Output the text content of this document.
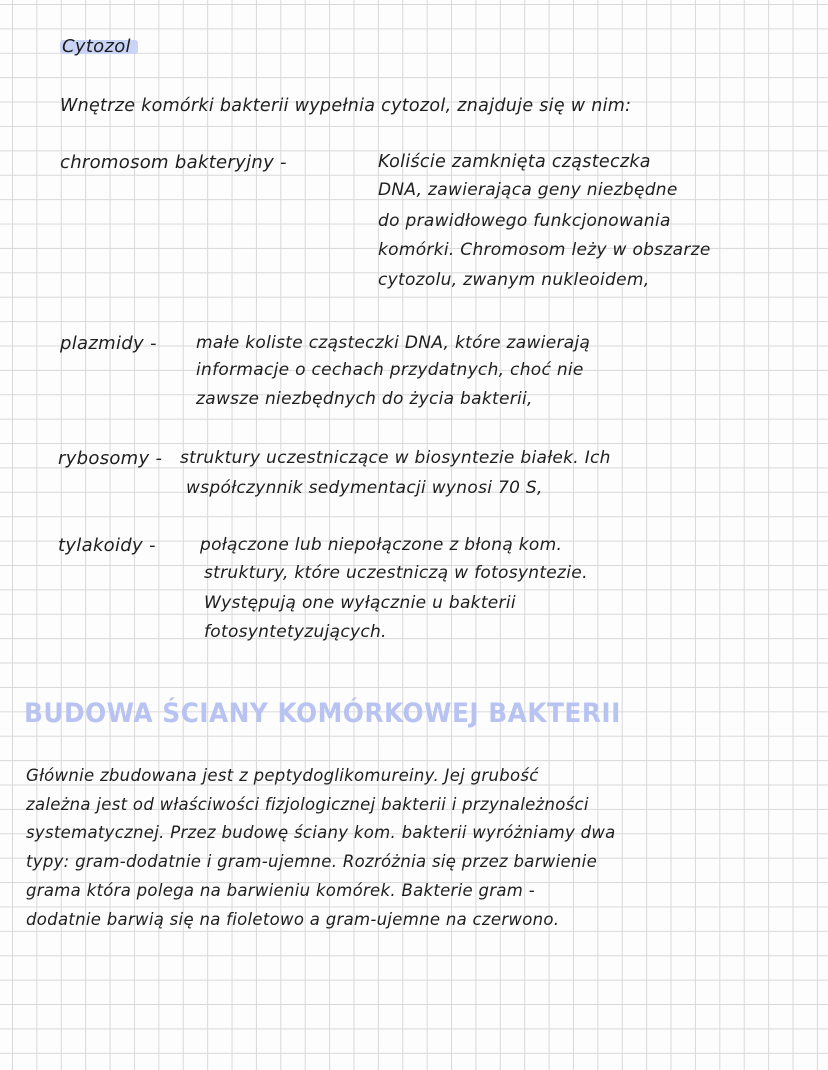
Cytozol
Wnętrze komórki bakterii wypełnia cytozol, znajduje się w nim:
chromosom bakteryjny -	Koliście zamknięta cząsteczka
DNA, zawierająca geny niezbędne
do prawidłowego funkcjonowania
komórki. Chromosom leży w obszarze
cytozolu, zwanym nukleoidem,
plazmidy - małe koliste cząsteczki DNA, które zawierają
informacje o cechach przydatnych, choć nie
zawsze niezbędnych do życia bakterii,
rybosomy - struktury uczestniczące w biosyntezie białek. Ich
współczynnik sedymentacji wynosi 70 S,
tylakoidy -	połączone lub niepołączone z błoną kom.
struktury, które uczestniczą w fotosyntezie.
Występują one wyłącznie u bakterii
fotosyntetyzujących.
BUDOWA ŚCIANY KOMÓRKOWEJ BAKTERII
Głównie zbudowana jest z peptydoglikomureiny. Jej grubość
zależna jest od właściwości fizjologicznej bakterii i przynależności
systematycznej. Przez budowę ściany kom. bakterii wyróżniamy dwa
typy: gram-dodatnie i gram-ujemne. Rozróżnia się przez barwienie
grama która polega na barwieniu komórek. Bakterie gram -
dodatnie barwią się na fioletowo a gram-ujemne na czerwono.
